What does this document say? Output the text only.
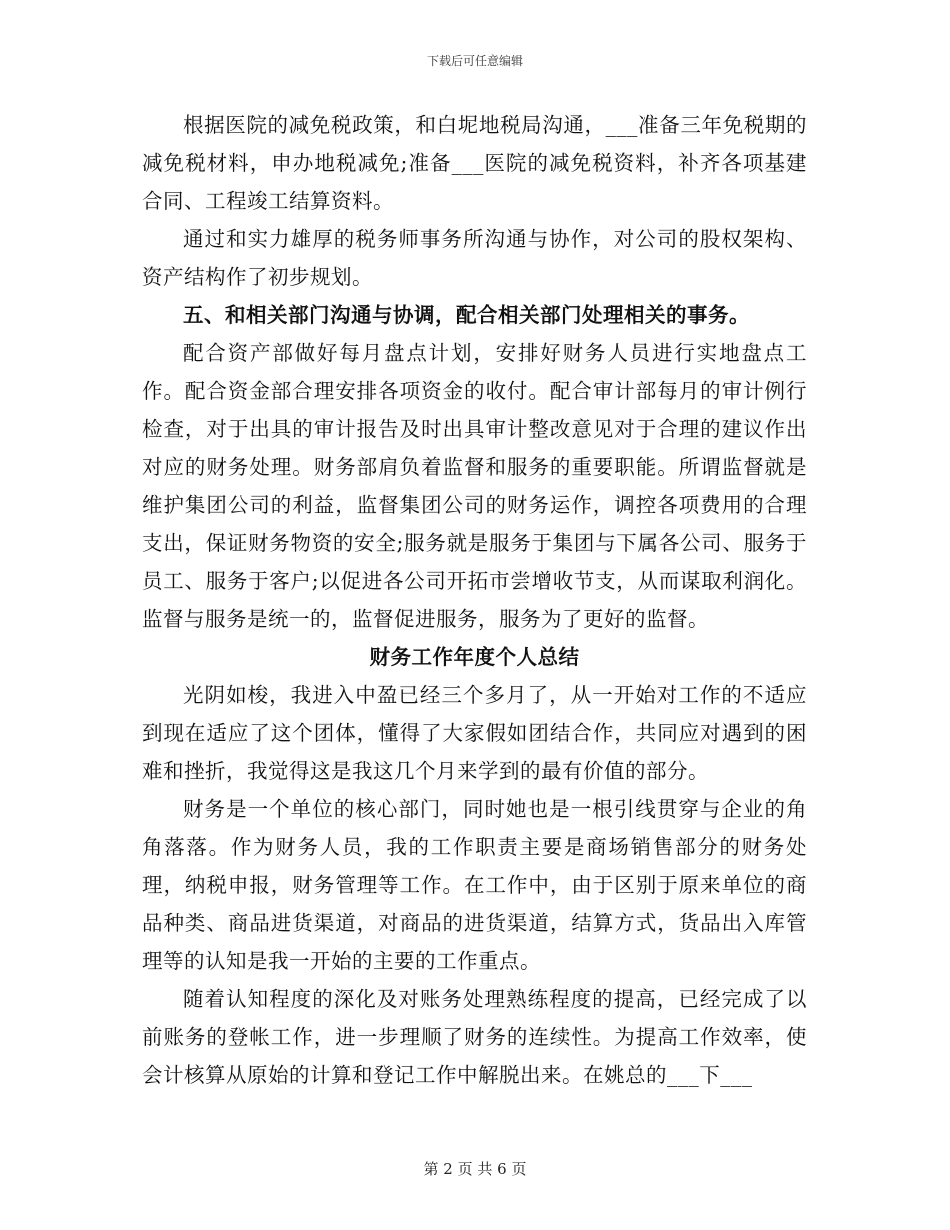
下载后可任意编辑

根据医院的减免税政策，和白坭地税局沟通，___准备三年免税期的减免税材料，申办地税减免;准备___医院的减免税资料，补齐各项基建合同、工程竣工结算资料。

通过和实力雄厚的税务师事务所沟通与协作，对公司的股权架构、资产结构作了初步规划。

五、和相关部门沟通与协调，配合相关部门处理相关的事务。

配合资产部做好每月盘点计划，安排好财务人员进行实地盘点工作。配合资金部合理安排各项资金的收付。配合审计部每月的审计例行检查，对于出具的审计报告及时出具审计整改意见对于合理的建议作出对应的财务处理。财务部肩负着监督和服务的重要职能。所谓监督就是维护集团公司的利益，监督集团公司的财务运作，调控各项费用的合理支出，保证财务物资的安全;服务就是服务于集团与下属各公司、服务于员工、服务于客户;以促进各公司开拓市尝增收节支，从而谋取利润化。监督与服务是统一的，监督促进服务，服务为了更好的监督。

财务工作年度个人总结

光阴如梭，我进入中盈已经三个多月了，从一开始对工作的不适应到现在适应了这个团体，懂得了大家假如团结合作，共同应对遇到的困难和挫折，我觉得这是我这几个月来学到的最有价值的部分。

财务是一个单位的核心部门，同时她也是一根引线贯穿与企业的角角落落。作为财务人员，我的工作职责主要是商场销售部分的财务处理，纳税申报，财务管理等工作。在工作中，由于区别于原来单位的商品种类、商品进货渠道，对商品的进货渠道，结算方式，货品出入库管理等的认知是我一开始的主要的工作重点。

随着认知程度的深化及对账务处理熟练程度的提高，已经完成了以前账务的登帐工作，进一步理顺了财务的连续性。为提高工作效率，使会计核算从原始的计算和登记工作中解脱出来。在姚总的___下___

第 2 页 共 6 页
